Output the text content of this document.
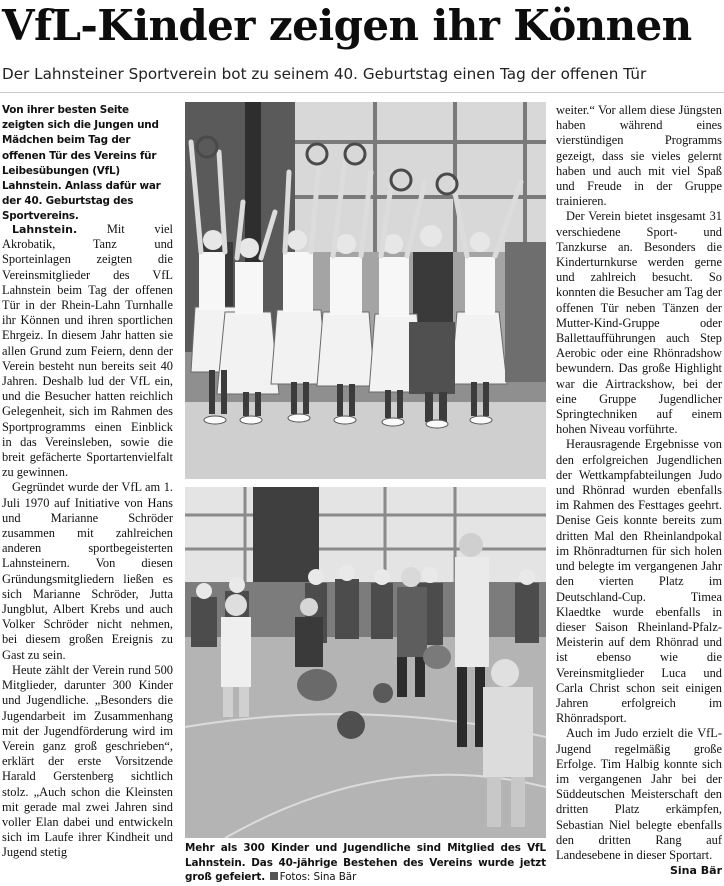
VfL-Kinder zeigen ihr Können
Der Lahnsteiner Sportverein bot zu seinem 40. Geburtstag einen Tag der offenen Tür
Von ihrer besten Seite zeigten sich die Jungen und Mädchen beim Tag der offenen Tür des Vereins für Leibesübungen (VfL) Lahnstein. Anlass dafür war der 40. Geburtstag des Sportvereins.

Lahnstein. Mit viel Akrobatik, Tanz und Sporteinlagen zeigten die Vereinsmitglieder des VfL Lahnstein beim Tag der offenen Tür in der Rhein-Lahn Turnhalle ihr Können und ihren sportlichen Ehrgeiz. In diesem Jahr hatten sie allen Grund zum Feiern, denn der Verein besteht nun bereits seit 40 Jahren. Deshalb lud der VfL ein, und die Besucher hatten reichlich Gelegenheit, sich im Rahmen des Sportprogramms einen Einblick in das Vereinsleben, sowie die breit gefächerte Sportartenvielfalt zu gewinnen.

Gegründet wurde der VfL am 1. Juli 1970 auf Initiative von Hans und Marianne Schröder zusammen mit zahlreichen anderen sportbegeisterten Lahnsteinern. Von diesen Gründungsmitgliedern ließen es sich Marianne Schröder, Jutta Jungblut, Albert Krebs und auch Volker Schröder nicht nehmen, bei diesem großen Ereignis zu Gast zu sein.

Heute zählt der Verein rund 500 Mitglieder, darunter 300 Kinder und Jugendliche. „Besonders die Jugendarbeit im Zusammenhang mit der Jugendförderung wird im Verein ganz groß geschrieben“, erklärt der erste Vorsitzende Harald Gerstenberg sichtlich stolz. „Auch schon die Kleinsten mit gerade mal zwei Jahren sind voller Elan dabei und entwickeln sich im Laufe ihrer Kindheit und Jugend stetig	Mehr als 300 Kinder und Jugendliche sind Mitglied des VfL Lahnstein. Das 40-jährige Bestehen des Vereins wurde jetzt groß gefeiert. Fotos: Sina Bär

weiter.“ Vor allem diese Jüngsten haben während eines vierstündigen Programms gezeigt, dass sie vieles gelernt haben und auch mit viel Spaß und Freude in der Gruppe trainieren.

Der Verein bietet insgesamt 31 verschiedene Sport- und Tanzkurse an. Besonders die Kinderturnkurse werden gerne und zahlreich besucht. So konnten die Besucher am Tag der offenen Tür neben Tänzen der Mutter-Kind-Gruppe oder Ballettaufführungen auch Step Aerobic oder eine Rhönradshow bewundern. Das große Highlight war die Airtrackshow, bei der eine Gruppe Jugendlicher Springtechniken auf einem hohen Niveau vorführte.

Herausragende Ergebnisse von den erfolgreichen Jugendlichen der Wettkampfabteilungen Judo und Rhönrad wurden ebenfalls im Rahmen des Festtages geehrt. Denise Geis konnte bereits zum dritten Mal den Rheinlandpokal im Rhönradturnen für sich holen und belegte im vergangenen Jahr den vierten Platz im Deutschland-Cup. Timea Klaedtke wurde ebenfalls in dieser Saison Rheinland-Pfalz-Meisterin auf dem Rhönrad und ist ebenso wie die Vereinsmitglieder Luca und Carla Christ schon seit einigen Jahren erfolgreich im Rhönradsport.

Auch im Judo erzielt die VfL-Jugend regelmäßig große Erfolge. Tim Halbig konnte sich im vergangenen Jahr bei der Süddeutschen Meisterschaft den dritten Platz erkämpfen, Sebastian Niel belegte ebenfalls den dritten Rang auf Landesebene in dieser Sportart.
Sina Bär
